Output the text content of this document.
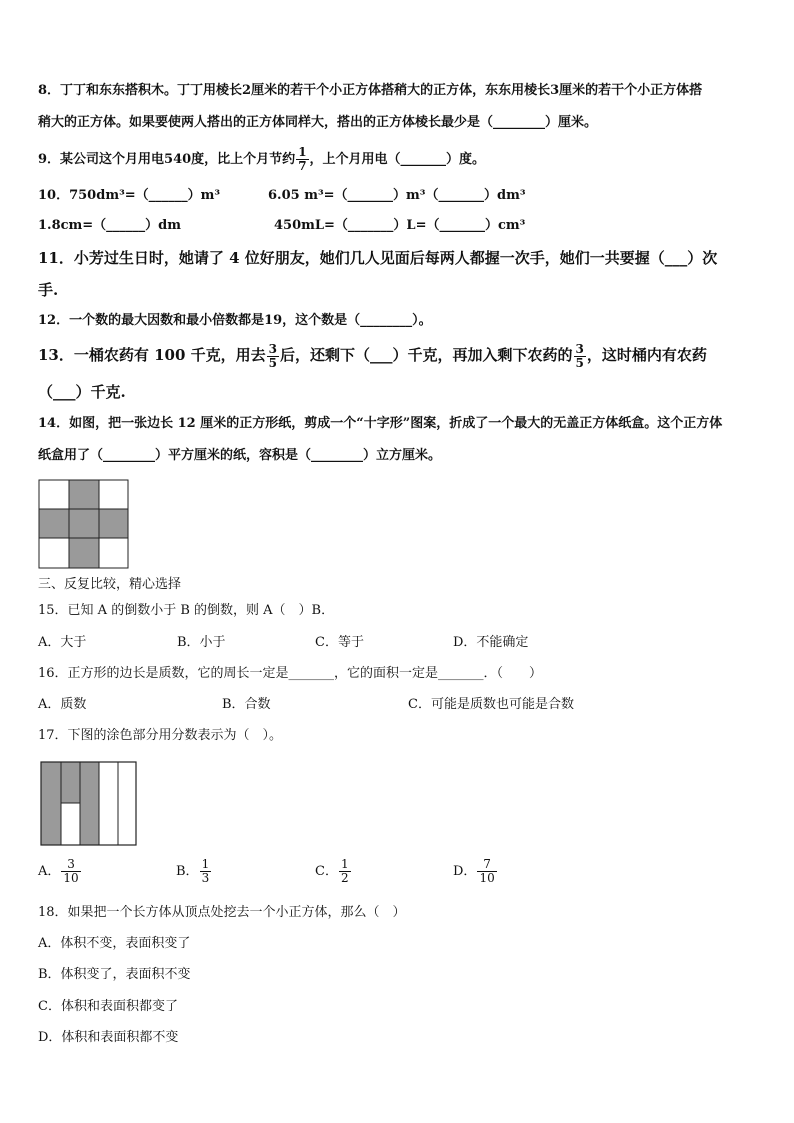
8．丁丁和东东搭积木。丁丁用棱长2厘米的若干个小正方体搭稍大的正方体，东东用棱长3厘米的若干个小正方体搭
稍大的正方体。如果要使两人搭出的正方体同样大，搭出的正方体棱长最少是（________）厘米。
9．某公司这个月用电540度，比上个月节约 $\frac{1}{7}$ ，上个月用电（_______）度。
10．750dm³=（______）m³	6.05 m³=（_______）m³（_______）dm³
1.8cm=（______）dm	450mL=（_______）L=（_______）cm³
11．小芳过生日时，她请了 4 位好朋友，她们几人见面后每两人都握一次手，她们一共要握（___）次
手.
12．一个数的最大因数和最小倍数都是19，这个数是（________）。
13．一桶农药有 100 千克，用去 $\frac{3}{5}$ 后，还剩下（___）千克，再加入剩下农药的 $\frac{3}{5}$ ，这时桶内有农药
（___）千克.
14．如图，把一张边长 12 厘米的正方形纸，剪成一个“十字形”图案，折成了一个最大的无盖正方体纸盒。这个正方体
纸盒用了（________）平方厘米的纸，容积是（________）立方厘米。
三、反复比较，精心选择
15．已知 A 的倒数小于 B 的倒数，则 A（　）B．
A．大于	B．小于	C．等于	D．不能确定
16．正方形的边长是质数，它的周长一定是_______，它的面积一定是_______．（　　）
A．质数	B．合数	C．可能是质数也可能是合数
17．下图的涂色部分用分数表示为（　）。
A． $\frac{3}{10}$	B． $\frac{1}{3}$	C． $\frac{1}{2}$	D． $\frac{7}{10}$
18．如果把一个长方体从顶点处挖去一个小正方体，那么（　）
A．体积不变，表面积变了
B．体积变了，表面积不变
C．体积和表面积都变了
D．体积和表面积都不变
